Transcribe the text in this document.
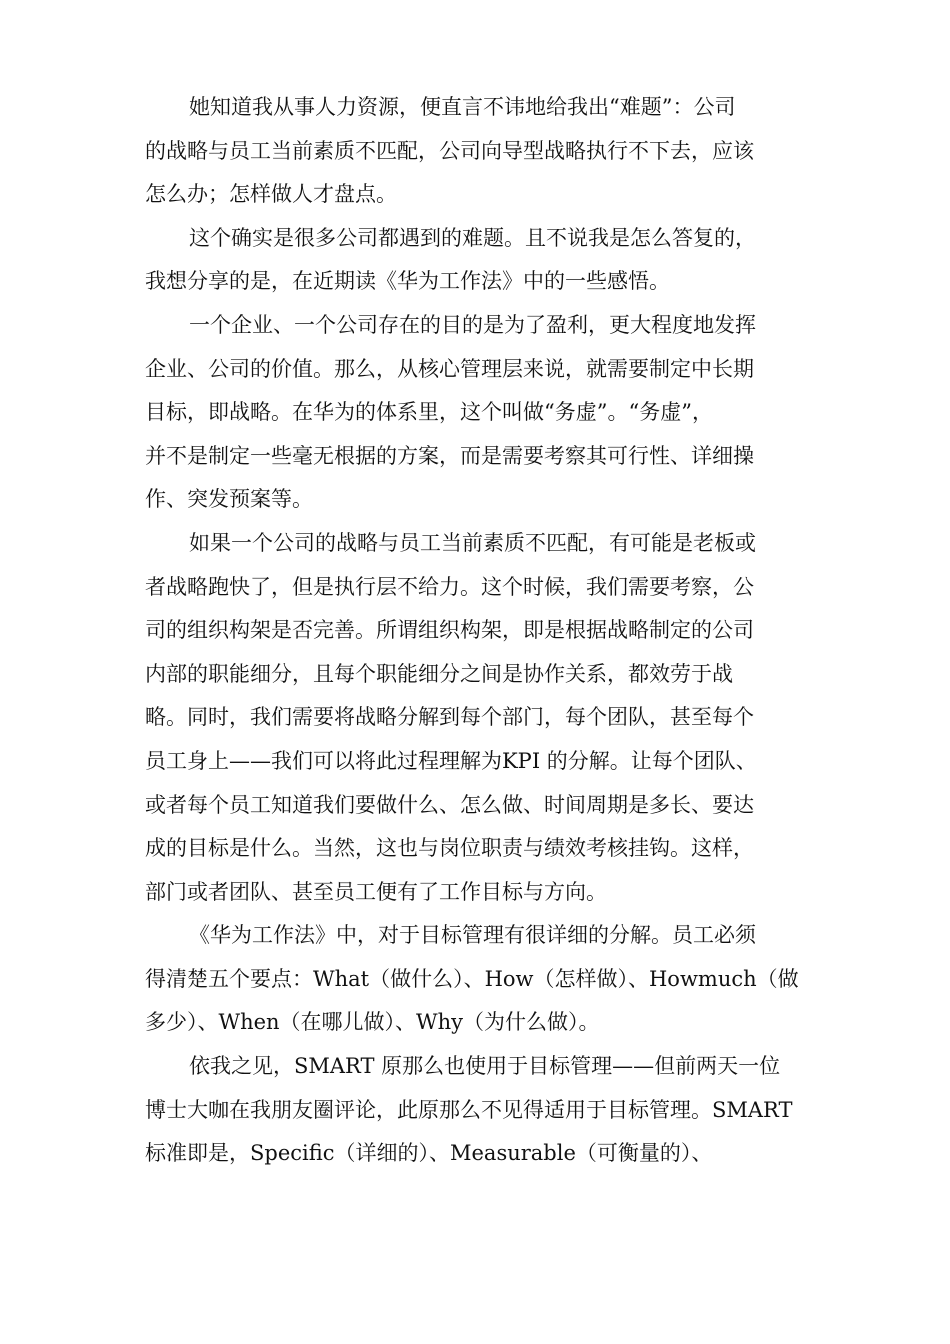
她知道我从事人力资源，便直言不讳地给我出“难题”：公司
的战略与员工当前素质不匹配，公司向导型战略执行不下去，应该
怎么办；怎样做人才盘点。
这个确实是很多公司都遇到的难题。且不说我是怎么答复的，
我想分享的是，在近期读《华为工作法》中的一些感悟。
一个企业、一个公司存在的目的是为了盈利，更大程度地发挥
企业、公司的价值。那么，从核心管理层来说，就需要制定中长期
目标，即战略。在华为的体系里，这个叫做“务虚”。“务虚”，
并不是制定一些毫无根据的方案，而是需要考察其可行性、详细操
作、突发预案等。
如果一个公司的战略与员工当前素质不匹配，有可能是老板或
者战略跑快了，但是执行层不给力。这个时候，我们需要考察，公
司的组织构架是否完善。所谓组织构架，即是根据战略制定的公司
内部的职能细分，且每个职能细分之间是协作关系，都效劳于战
略。同时，我们需要将战略分解到每个部门，每个团队，甚至每个
员工身上——我们可以将此过程理解为KPI 的分解。让每个团队、
或者每个员工知道我们要做什么、怎么做、时间周期是多长、要达
成的目标是什么。当然，这也与岗位职责与绩效考核挂钩。这样，
部门或者团队、甚至员工便有了工作目标与方向。
《华为工作法》中，对于目标管理有很详细的分解。员工必须
得清楚五个要点：What（做什么）、How（怎样做）、Howmuch（做
多少）、When（在哪儿做）、Why（为什么做）。
依我之见，SMART 原那么也使用于目标管理——但前两天一位
博士大咖在我朋友圈评论，此原那么不见得适用于目标管理。SMART
标准即是，Specific（详细的）、Measurable（可衡量的）、
